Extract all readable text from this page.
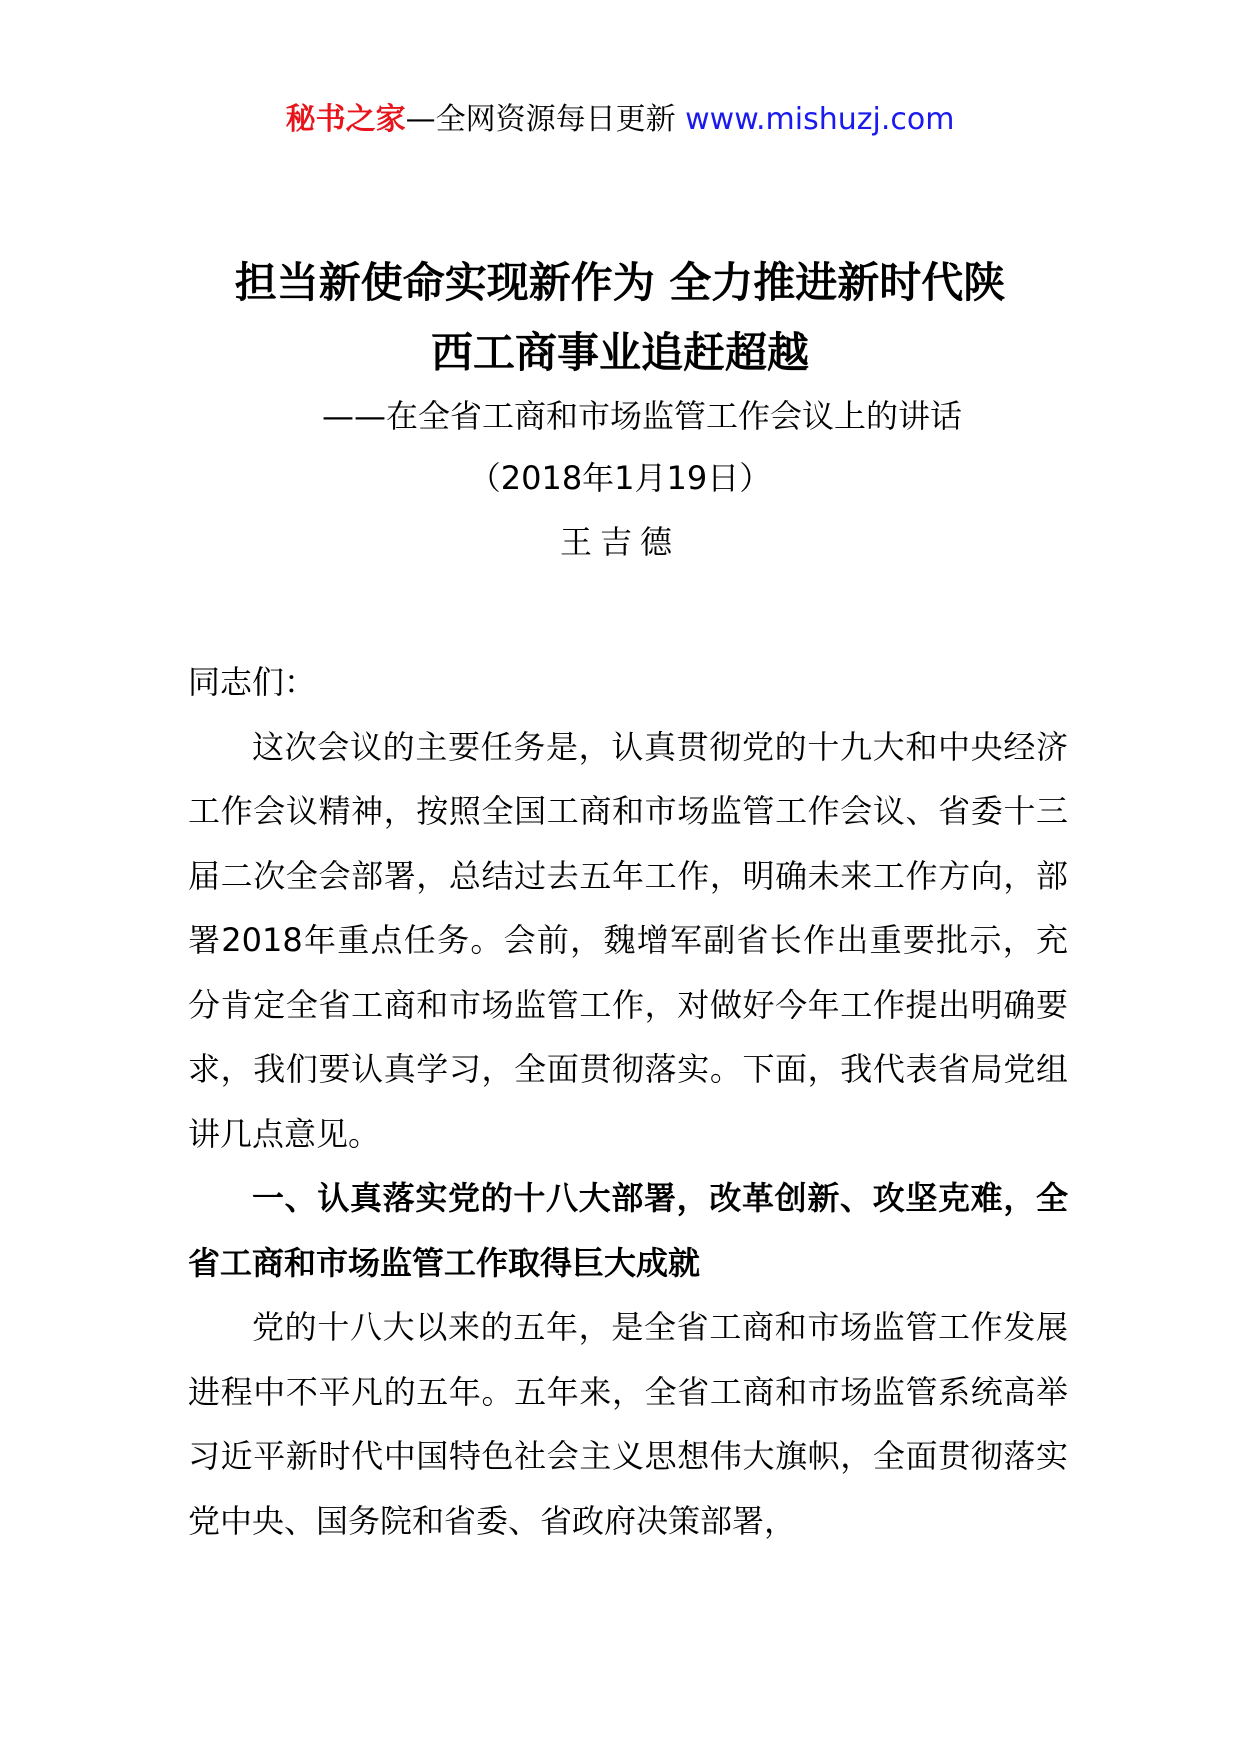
秘书之家—全网资源每日更新 www.mishuzj.com
担当新使命实现新作为 全力推进新时代陕
西工商事业追赶超越
——在全省工商和市场监管工作会议上的讲话
（2018年1月19日）
王吉德

同志们：

这次会议的主要任务是，认真贯彻党的十九大和中央经济工作会议精神，按照全国工商和市场监管工作会议、省委十三届二次全会部署，总结过去五年工作，明确未来工作方向，部署2018年重点任务。会前，魏增军副省长作出重要批示，充分肯定全省工商和市场监管工作，对做好今年工作提出明确要求，我们要认真学习，全面贯彻落实。下面，我代表省局党组讲几点意见。

一、认真落实党的十八大部署，改革创新、攻坚克难，全省工商和市场监管工作取得巨大成就

党的十八大以来的五年，是全省工商和市场监管工作发展进程中不平凡的五年。五年来，全省工商和市场监管系统高举习近平新时代中国特色社会主义思想伟大旗帜，全面贯彻落实党中央、国务院和省委、省政府决策部署，
